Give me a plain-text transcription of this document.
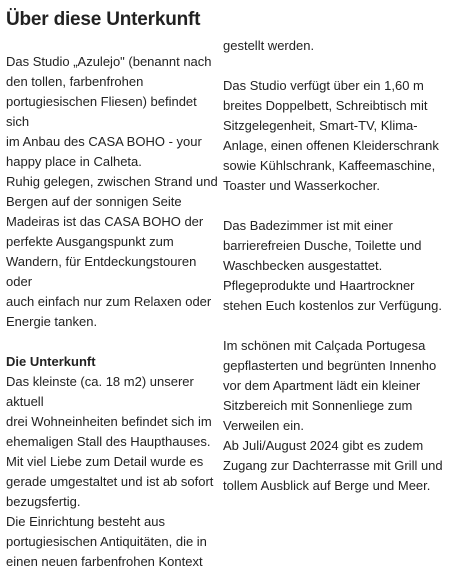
Über diese Unterkunft

Das Studio „Azulejo" (benannt nach
den tollen, farbenfrohen
portugiesischen Fliesen) befindet sich
im Anbau des CASA BOHO - your
happy place in Calheta.
Ruhig gelegen, zwischen Strand und
Bergen auf der sonnigen Seite
Madeiras ist das CASA BOHO der
perfekte Ausgangspunkt zum
Wandern, für Entdeckungstouren oder
auch einfach nur zum Relaxen oder
Energie tanken.

Die Unterkunft

Das kleinste (ca. 18 m2) unserer aktuell
drei Wohneinheiten befindet sich im
ehemaligen Stall des Haupthauses.
Mit viel Liebe zum Detail wurde es
gerade umgestaltet und ist ab sofort
bezugsfertig.
Die Einrichtung besteht aus
portugiesischen Antiquitäten, die in
einen neuen farbenfrohen Kontext

gestellt werden.

Das Studio verfügt über ein 1,60 m
breites Doppelbett, Schreibtisch mit
Sitzgelegenheit, Smart-TV, Klima-
Anlage, einen offenen Kleiderschrank
sowie Kühlschrank, Kaffeemaschine,
Toaster und Wasserkocher.

Das Badezimmer ist mit einer
barrierefreien Dusche, Toilette und
Waschbecken ausgestattet.
Pflegeprodukte und Haartrockner
stehen Euch kostenlos zur Verfügung.

Im schönen mit Calçada Portugesa
gepflasterten und begrünten Innenho
vor dem Apartment lädt ein kleiner
Sitzbereich mit Sonnenliege zum
Verweilen ein.
Ab Juli/August 2024 gibt es zudem
Zugang zur Dachterrasse mit Grill und
tollem Ausblick auf Berge und Meer.
